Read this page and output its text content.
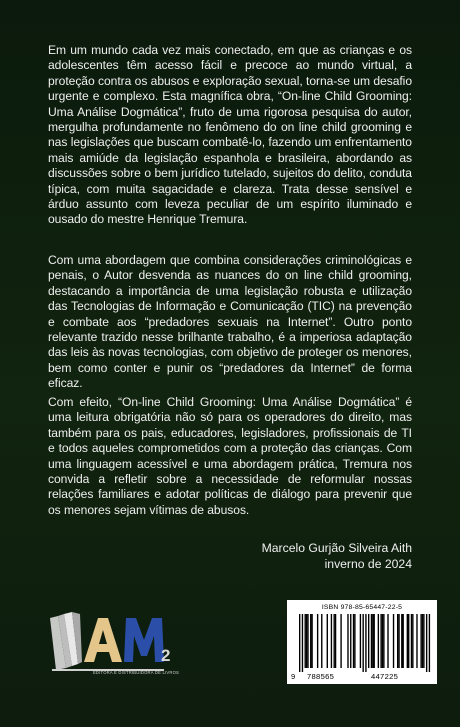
Em um mundo cada vez mais conectado, em que as crianças e os adolescentes têm acesso fácil e precoce ao mundo virtual, a proteção contra os abusos e exploração sexual, torna-se um desafio urgente e complexo. Esta magnífica obra, “On-line Child Grooming: Uma Análise Dogmática”, fruto de uma rigorosa pesquisa do autor, mergulha profundamente no fenômeno do on line child grooming e nas legislações que buscam combatê-lo, fazendo um enfrentamento mais amiúde da legislação espanhola e brasileira, abordando as discussões sobre o bem jurídico tutelado, sujeitos do delito, conduta típica, com muita sagacidade e clareza. Trata desse sensível e árduo assunto com leveza peculiar de um espírito iluminado e ousado do mestre Henrique Tremura.
Com uma abordagem que combina considerações criminológicas e penais, o Autor desvenda as nuances do on line child grooming, destacando a importância de uma legislação robusta e utilização das Tecnologias de Informação e Comunicação (TIC) na prevenção e combate aos “predadores sexuais na Internet”. Outro ponto relevante trazido nesse brilhante trabalho, é a imperiosa adaptação das leis às novas tecnologias, com objetivo de proteger os menores, bem como conter e punir os “predadores da Internet” de forma eficaz.
Com efeito, “On-line Child Grooming: Uma Análise Dogmática” é uma leitura obrigatória não só para os operadores do direito, mas também para os pais, educadores, legisladores, profissionais de TI e todos aqueles comprometidos com a proteção das crianças. Com uma linguagem acessível e uma abordagem prática, Tremura nos convida a refletir sobre a necessidade de reformular nossas relações familiares e adotar políticas de diálogo para prevenir que os menores sejam vítimas de abusos.
Marcelo Gurjão Silveira Aith
inverno de 2024
2
EDITORA E DISTRIBUIDORA DE LIVROS
ISBN 978-85-65447-22-5
9 788565	447225
